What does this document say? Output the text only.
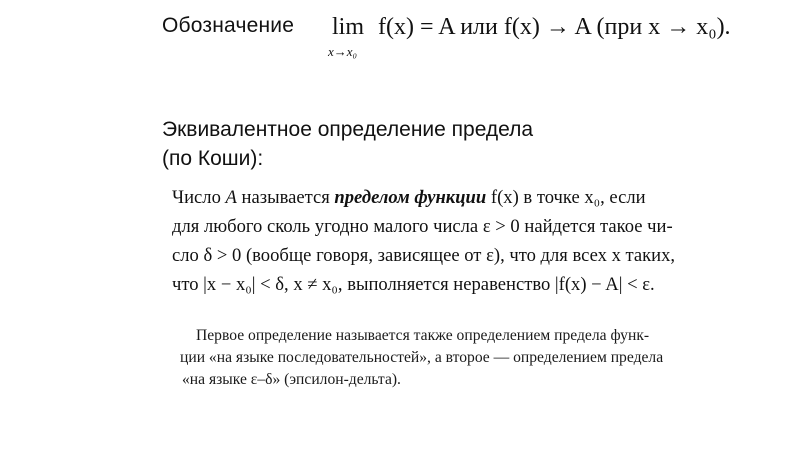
Обозначение lim
x→x₀
f(x) = A или f(x) → A (при x → x₀).
Эквивалентное определение предела
(по Коши):
Число A называется пределом функции f(x) в точке x₀, если
для любого сколь угодно малого числа ε > 0 найдется такое чи-
сло δ > 0 (вообще говоря, зависящее от ε), что для всех x таких,
что |x − x₀| < δ, x ≠ x₀, выполняется неравенство |f(x) − A| < ε.
Первое определение называется также определением предела функ-
ции «на языке последовательностей», а второе — определением предела
«на языке ε–δ» (эпсилон-дельта).
